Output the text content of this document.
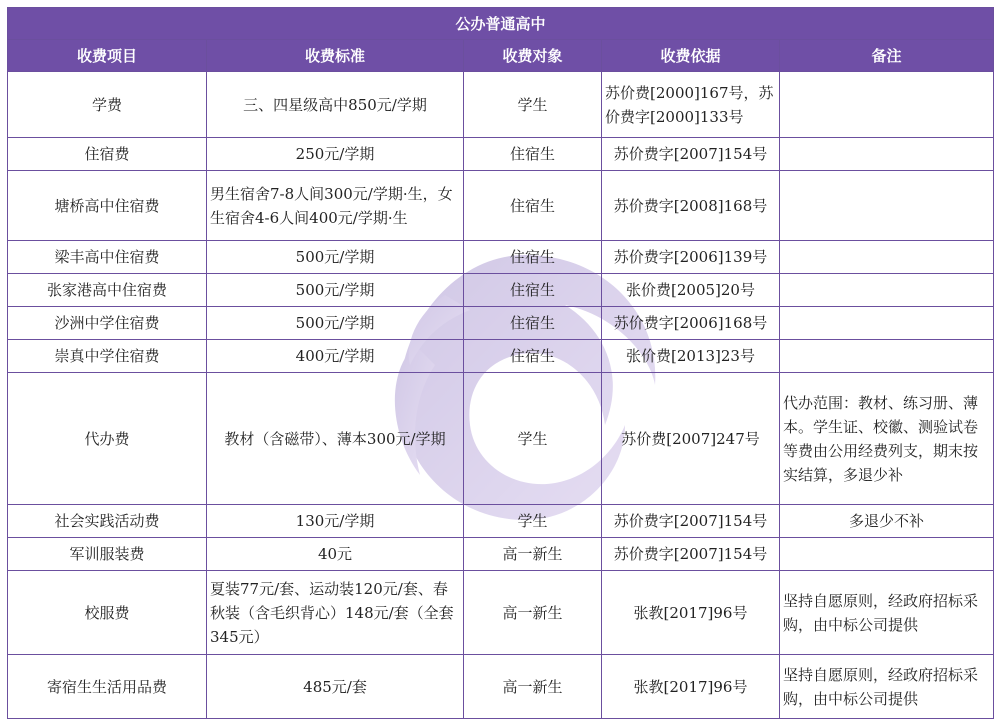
公办普通高中				
收费项目	收费标准	收费对象	收费依据	备注
学费	三、四星级高中850元/学期	学生	苏价费[2000]167号，苏价费字[2000]133号	
住宿费	250元/学期	住宿生	苏价费字[2007]154号	
塘桥高中住宿费	男生宿舍7-8人间300元/学期·生，女生宿舍4-6人间400元/学期·生	住宿生	苏价费字[2008]168号	
梁丰高中住宿费	500元/学期	住宿生	苏价费字[2006]139号	
张家港高中住宿费	500元/学期	住宿生	张价费[2005]20号	
沙洲中学住宿费	500元/学期	住宿生	苏价费字[2006]168号	
崇真中学住宿费	400元/学期	住宿生	张价费[2013]23号	
代办费	教材（含磁带）、薄本300元/学期	学生	苏价费[2007]247号	代办范围：教材、练习册、薄本。学生证、校徽、测验试卷等费由公用经费列支，期末按实结算，多退少补
社会实践活动费	130元/学期	学生	苏价费字[2007]154号	多退少不补
军训服装费	40元	高一新生	苏价费字[2007]154号	
校服费	夏装77元/套、运动装120元/套、春秋装（含毛织背心）148元/套（全套345元）	高一新生	张教[2017]96号	坚持自愿原则，经政府招标采购，由中标公司提供
寄宿生生活用品费	485元/套	高一新生	张教[2017]96号	坚持自愿原则，经政府招标采购，由中标公司提供
